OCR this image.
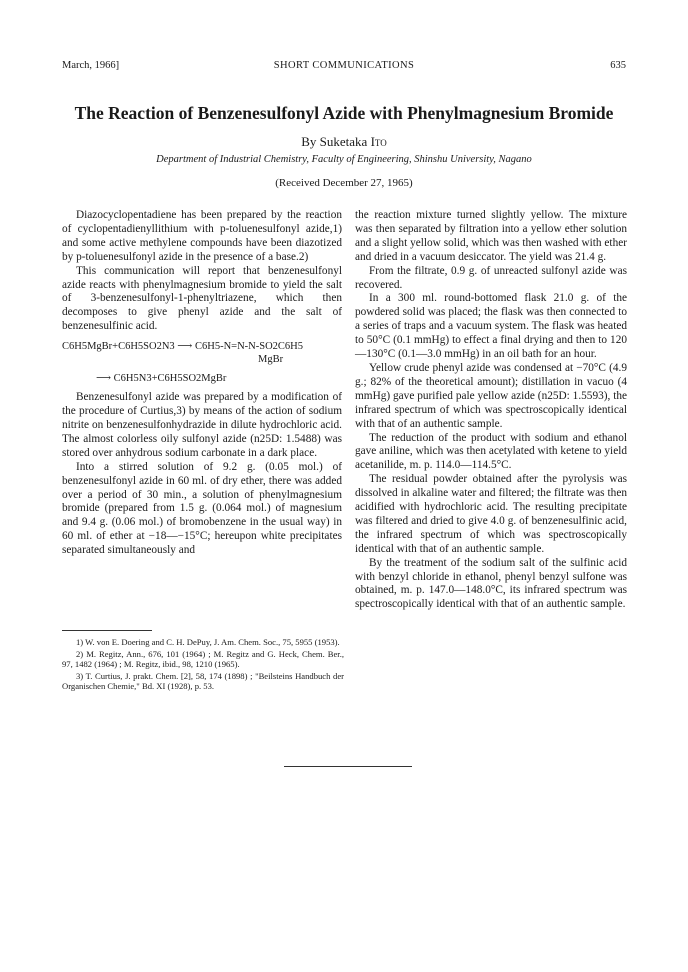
March, 1966]	SHORT COMMUNICATIONS	635
The Reaction of Benzenesulfonyl Azide with Phenylmagnesium Bromide
By Suketaka Ito
Department of Industrial Chemistry, Faculty of Engineering, Shinshu University, Nagano
(Received December 27, 1965)

Diazocyclopentadiene has been prepared by the reaction of cyclopentadienyllithium with p-toluenesulfonyl azide,1) and some active methylene compounds have been diazotized by p-toluenesulfonyl azide in the presence of a base.2)

This communication will report that benzenesulfonyl azide reacts with phenylmagnesium bromide to yield the salt of 3-benzenesulfonyl-1-phenyltriazene, which then decomposes to give phenyl azide and the salt of benzenesulfinic acid.

C6H5MgBr+C6H5SO2N3 ⟶ C6H5-N=N-N-SO2C6H5
MgBr
⟶ C6H5N3+C6H5SO2MgBr

Benzenesulfonyl azide was prepared by a modification of the procedure of Curtius,3) by means of the action of sodium nitrite on benzenesulfonhydrazide in dilute hydrochloric acid. The almost colorless oily sulfonyl azide (n25D: 1.5488) was stored over anhydrous sodium carbonate in a dark place.

Into a stirred solution of 9.2 g. (0.05 mol.) of benzenesulfonyl azide in 60 ml. of dry ether, there was added over a period of 30 min., a solution of phenylmagnesium bromide (prepared from 1.5 g. (0.064 mol.) of magnesium and 9.4 g. (0.06 mol.) of bromobenzene in the usual way) in 60 ml. of ether at −18—−15°C; hereupon white precipitates separated simultaneously and

1) W. von E. Doering and C. H. DePuy, J. Am. Chem. Soc., 75, 5955 (1953).

2) M. Regitz, Ann., 676, 101 (1964) ; M. Regitz and G. Heck, Chem. Ber., 97, 1482 (1964) ; M. Regitz, ibid., 98, 1210 (1965).

3) T. Curtius, J. prakt. Chem. [2], 58, 174 (1898) ; "Beilsteins Handbuch der Organischen Chemie," Bd. XI (1928), p. 53.

the reaction mixture turned slightly yellow. The mixture was then separated by filtration into a yellow ether solution and a slight yellow solid, which was then washed with ether and dried in a vacuum desiccator. The yield was 21.4 g.

From the filtrate, 0.9 g. of unreacted sulfonyl azide was recovered.

In a 300 ml. round-bottomed flask 21.0 g. of the powdered solid was placed; the flask was then connected to a series of traps and a vacuum system. The flask was heated to 50°C (0.1 mmHg) to effect a final drying and then to 120—130°C (0.1—3.0 mmHg) in an oil bath for an hour.

Yellow crude phenyl azide was condensed at −70°C (4.9 g.; 82% of the theoretical amount); distillation in vacuo (4 mmHg) gave purified pale yellow azide (n25D: 1.5593), the infrared spectrum of which was spectroscopically identical with that of an authentic sample.

The reduction of the product with sodium and ethanol gave aniline, which was then acetylated with ketene to yield acetanilide, m. p. 114.0—114.5°C.

The residual powder obtained after the pyrolysis was dissolved in alkaline water and filtered; the filtrate was then acidified with hydrochloric acid. The resulting precipitate was filtered and dried to give 4.0 g. of benzenesulfinic acid, the infrared spectrum of which was spectroscopically identical with that of an authentic sample.

By the treatment of the sodium salt of the sulfinic acid with benzyl chloride in ethanol, phenyl benzyl sulfone was obtained, m. p. 147.0—148.0°C, its infrared spectrum was spectroscopically identical with that of an authentic sample.
